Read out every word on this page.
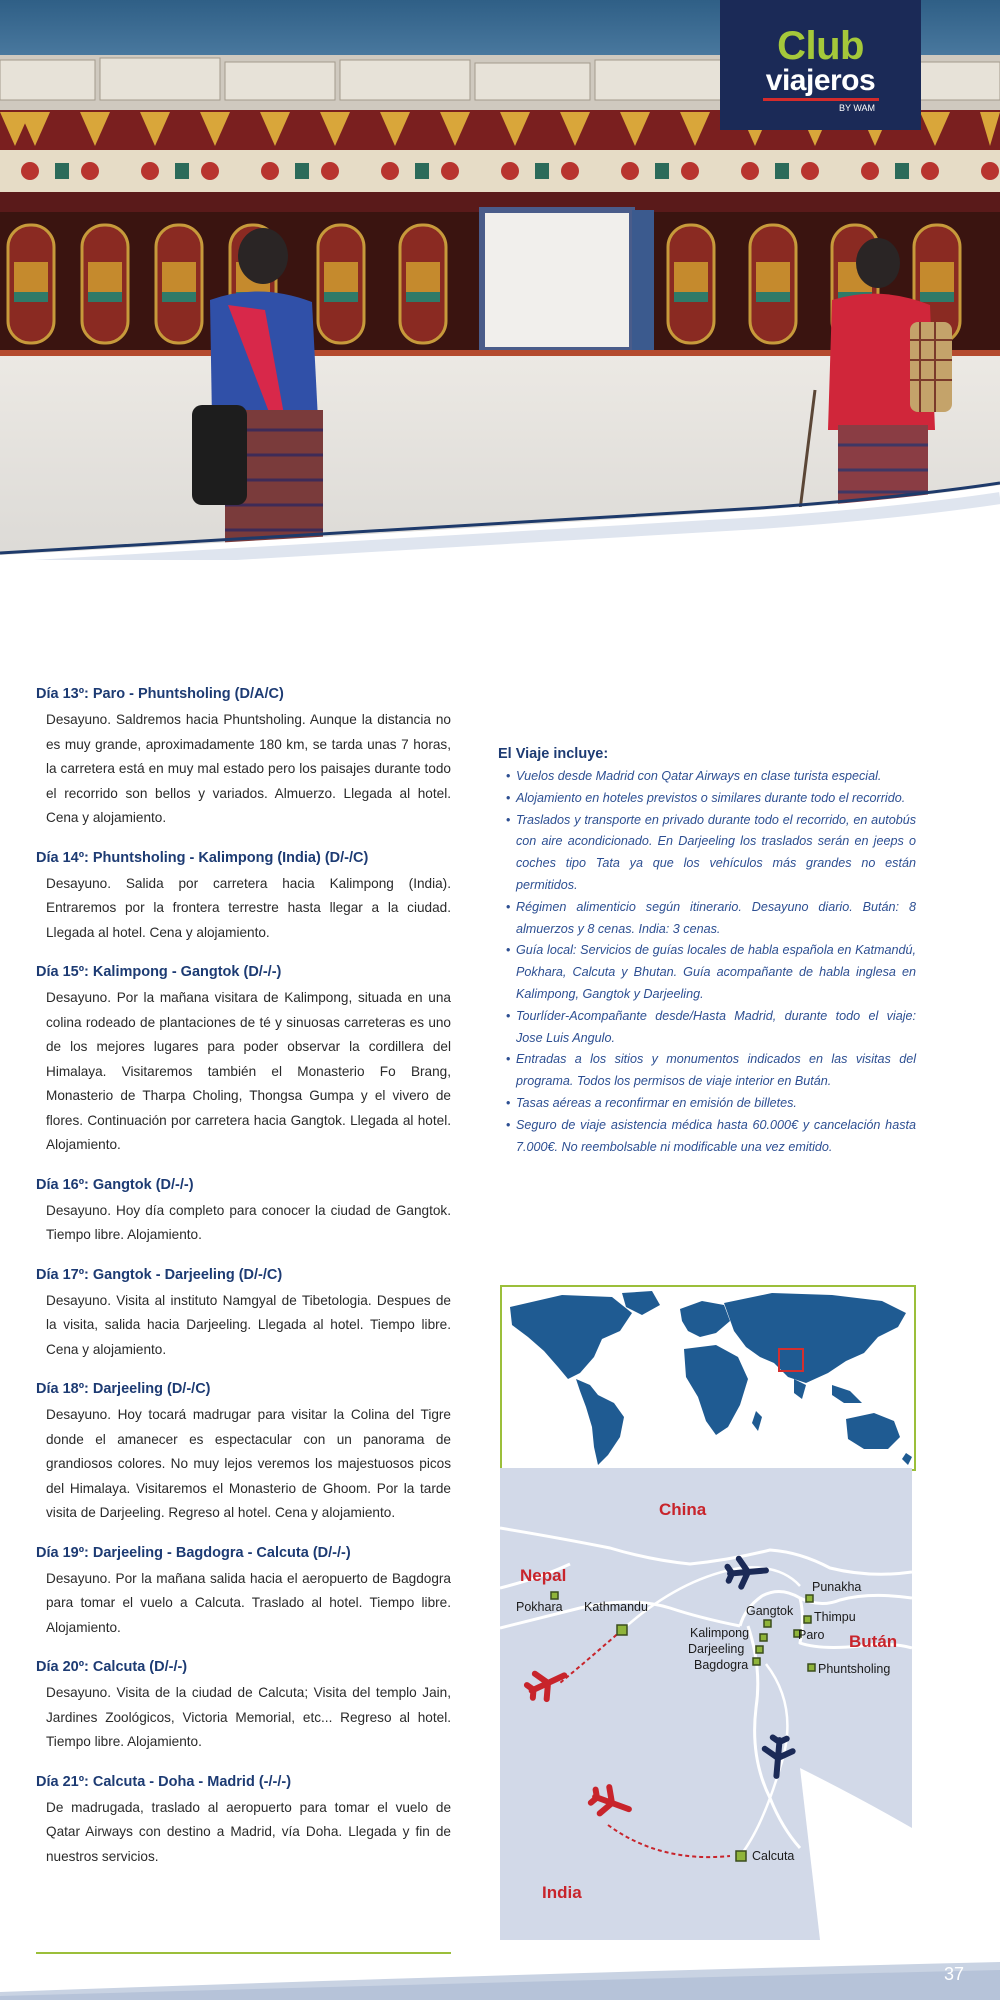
Club
viajeros
BY WAM
Día 13º: Paro - Phuntsholing (D/A/C)

Desayuno. Saldremos hacia Phuntsholing. Aunque la distancia no es muy grande, aproximadamente 180 km, se tarda unas 7 horas, la carretera está en muy mal estado pero los paisajes durante todo el recorrido son bellos y variados. Almuerzo. Llegada al hotel. Cena y alojamiento.

Día 14º: Phuntsholing - Kalimpong (India) (D/-/C)

Desayuno. Salida por carretera hacia Kalimpong (India). Entraremos por la frontera terrestre hasta llegar a la ciudad. Llegada al hotel. Cena y alojamiento.

Día 15º: Kalimpong - Gangtok (D/-/-)

Desayuno. Por la mañana visitara de Kalimpong, situada en una colina rodeado de plantaciones de té y sinuosas carreteras es uno de los mejores lugares para poder observar la cordillera del Himalaya. Visitaremos también el Monasterio Fo Brang, Monasterio de Tharpa Choling, Thongsa Gumpa y el vivero de flores. Continuación por carretera hacia Gangtok. Llegada al hotel. Alojamiento.

Día 16º: Gangtok (D/-/-)

Desayuno. Hoy día completo para conocer la ciudad de Gangtok. Tiempo libre. Alojamiento.

Día 17º: Gangtok - Darjeeling (D/-/C)

Desayuno. Visita al instituto Namgyal de Tibetologia. Despues de la visita, salida hacia Darjeeling. Llegada al hotel. Tiempo libre. Cena y alojamiento.

Día 18º: Darjeeling (D/-/C)

Desayuno. Hoy tocará madrugar para visitar la Colina del Tigre donde el amanecer es espectacular con un panorama de grandiosos colores. No muy lejos veremos los majestuosos picos del Himalaya. Visitaremos el Monasterio de Ghoom. Por la tarde visita de Darjeeling. Regreso al hotel. Cena y alojamiento.

Día 19º: Darjeeling - Bagdogra - Calcuta (D/-/-)

Desayuno. Por la mañana salida hacia el aeropuerto de Bagdogra para tomar el vuelo a Calcuta. Traslado al hotel. Tiempo libre. Alojamiento.

Día 20º: Calcuta (D/-/-)

Desayuno. Visita de la ciudad de Calcuta; Visita del templo Jain, Jardines Zoológicos, Victoria Memorial, etc... Regreso al hotel. Tiempo libre. Alojamiento.

Día 21º: Calcuta - Doha - Madrid (-/-/-)

De madrugada, traslado al aeropuerto para tomar el vuelo de Qatar Airways con destino a Madrid, vía Doha. Llegada y fin de nuestros servicios.

El Viaje incluye:
• Vuelos desde Madrid con Qatar Airways en clase turista especial.
• Alojamiento en hoteles previstos o similares durante todo el recorrido.
• Traslados y transporte en privado durante todo el recorrido, en autobús con aire acondicionado. En Darjeeling los traslados serán en jeeps o coches tipo Tata ya que los vehículos más grandes no están permitidos.
• Régimen alimenticio según itinerario. Desayuno diario. Bután: 8 almuerzos y 8 cenas. India: 3 cenas.
• Guía local: Servicios de guías locales de habla española en Katmandú, Pokhara, Calcuta y Bhutan. Guía acompañante de habla inglesa en Kalimpong, Gangtok y Darjeeling.
• Tourlíder-Acompañante desde/Hasta Madrid, durante todo el viaje: Jose Luis Angulo.
• Entradas a los sitios y monumentos indicados en las visitas del programa. Todos los permisos de viaje interior en Bután.
• Tasas aéreas a reconfirmar en emisión de billetes.
• Seguro de viaje asistencia médica hasta 60.000€ y cancelación hasta 7.000€. No reembolsable ni modificable una vez emitido.
China
Nepal
Bután
India
Pokhara Kathmandu	Gangtok
Kalimpong
Darjeeling
Bagdogra
Punakha
Thimpu
Paro
Phuntsholing
Calcuta
37
